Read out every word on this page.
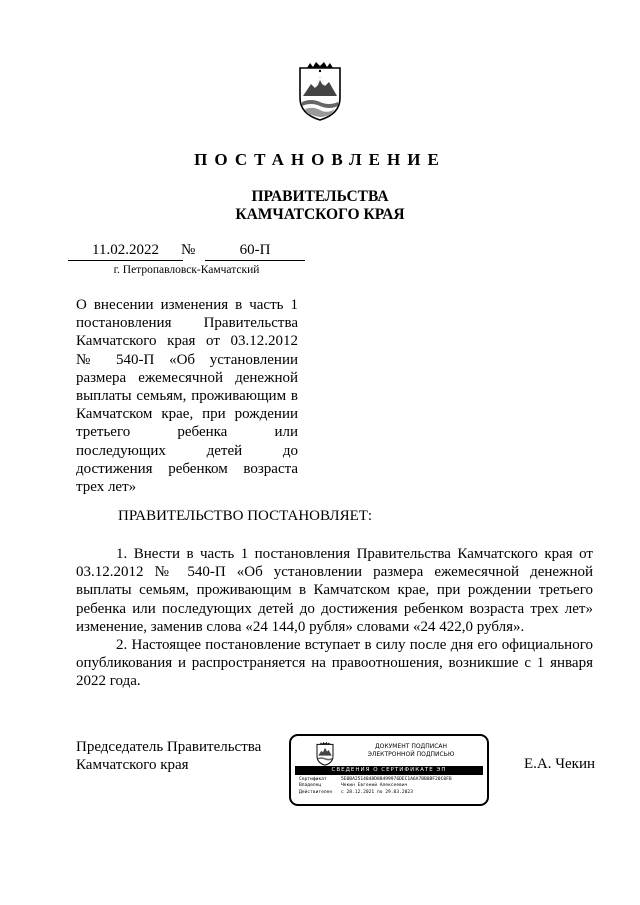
ПОСТАНОВЛЕНИЕ
ПРАВИТЕЛЬСТВА
КАМЧАТСКОГО КРАЯ
11.02.2022	№	60-П
г. Петропавловск-Камчатский
О внесении изменения в часть 1
постановления Правительства
Камчатского края от 03.12.2012
№ 540-П «Об установлении
размера ежемесячной денежной
выплаты семьям, проживающим в
Камчатском крае, при рождении
третьего ребенка или
последующих детей до
достижения ребенком возраста
трех лет»
ПРАВИТЕЛЬСТВО ПОСТАНОВЛЯЕТ:

1. Внести в часть 1 постановления Правительства Камчатского края от 03.12.2012 № 540-П «Об установлении размера ежемесячной денежной выплаты семьям, проживающим в Камчатском крае, при рождении третьего ребенка или последующих детей до достижения ребенком возраста трех лет» изменение, заменив слова «24 144,0 рубля» словами «24 422,0 рубля».

2. Настоящее постановление вступает в силу после дня его официального опубликования и распространяется на правоотношения, возникшие с 1 января 2022 года.

Председатель Правительства
Камчатского края
ДОКУМЕНТ ПОДПИСАН
ЭЛЕКТРОННОЙ ПОДПИСЬЮ
СВЕДЕНИЯ О СЕРТИФИКАТЕ ЭП
Сертификат	5E0BA2514848D88499976DEC1A6A7BB8BF20C0FB
Владелец	Чекин Евгений Алексеевич
Действителен с 28.12.2021 по 29.03.2023
Е.А. Чекин
